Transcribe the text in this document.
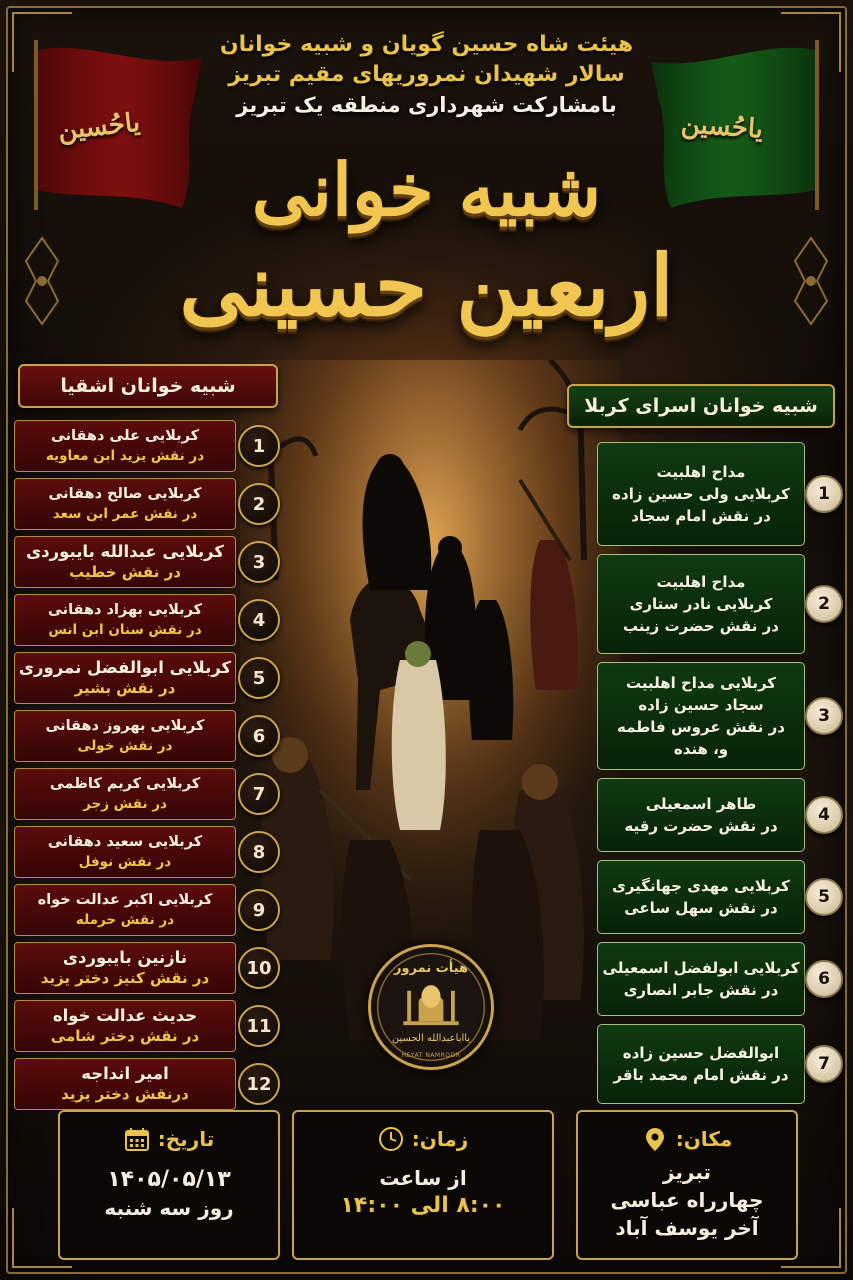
یاحُسین	یاحُسین
هیئت شاه حسین گویان و شبیه خوانان
سالار شهیدان نمروریهای مقیم تبریز
بامشارکت شهرداری منطقه یک تبریز
شبیه خوانی
اربعین حسینی
شبیه خوانان اشقیا
کربلایی علی دهقانی
در نقش یزید ابن معاویه	1
کربلایی صالح دهقانی
در نقش عمر ابن سعد	2
کربلایی عبدالله بایبوردی
در نقش خطیب	3
کربلایی بهزاد دهقانی
در نقش سنان ابن انس	4
کربلایی ابوالفضل نمروری
در نقش بشیر	5
کربلایی بهروز دهقانی
در نقش خولی	6
کربلایی کریم کاظمی
در نقش زجر	7
کربلایی سعید دهقانی
در نقش نوفل	8
کربلایی اکبر عدالت خواه
در نقش حرمله	9
نازنین بایبوردی
در نقش کنیز دختر یزید	10
حدیث عدالت خواه
در نقش دختر شامی	11
امیر انداجه
درنقش دختر یزید	12
شبیه خوانان اسرای کربلا
مداح اهلبیت
کربلایی ولی حسین زاده
در نقش امام سجاد
1
مداح اهلبیت
کربلایی نادر ستاری
در نقش حضرت زینب
2
کربلایی مداح اهلبیت
سجاد حسین زاده
در نقش عروس فاطمه
و، هنده
3
طاهر اسمعیلی
در نقش حضرت رقیه
4
کربلایی مهدی جهانگیری
در نقش سهل ساعی
5
کربلایی ابولفضل اسمعیلی
در نقش جابر انصاری
6
ابوالفضل حسین زاده
در نقش امام محمد باقر
7
هیأت نمرور
یااباعبدالله الحسین
HEYAT NAMROOR
تاریخ:
۱۴۰۵/۰۵/۱۳
روز سه شنبه
زمان:
از ساعت
۸:۰۰ الی ۱۴:۰۰
مکان:
تبریز
چهارراه عباسی
آخر یوسف آباد
